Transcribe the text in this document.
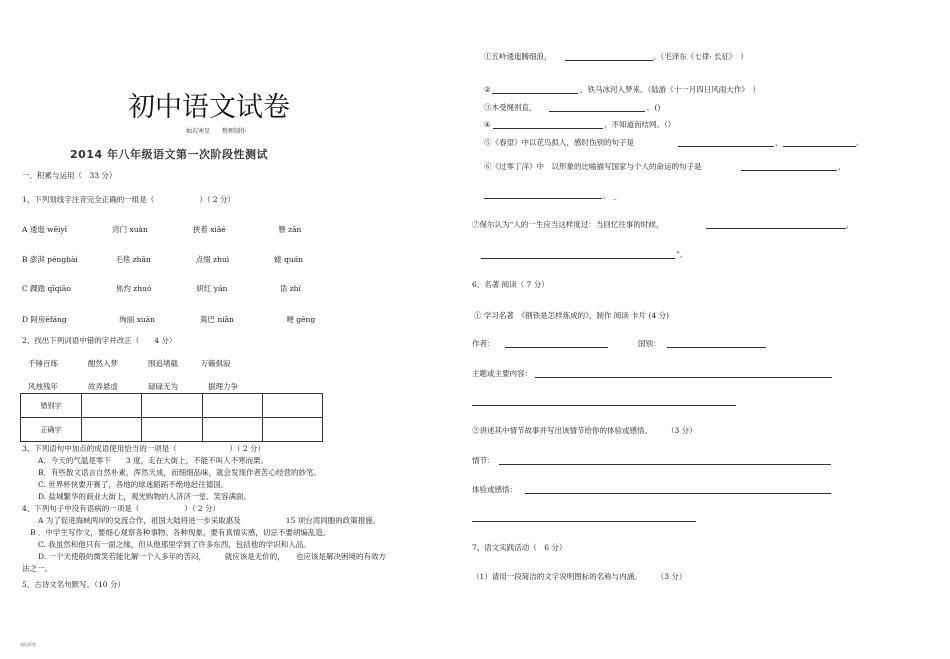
初中语文试卷
灿若寒星　　整理制作
2014 年八年级语文第一次阶段性测试
一、积累与运用（　33 分）
1、下列划线字注音完全正确的一组是（　　　　　　）（ 2 分）
A 逶迤 wēiyǐ　　　　　　窍门 xuàn　　　　　　挟着 xiǎé　　　　　　　簪 zān
B 澎湃 péngbài　　　　　毛毯 zhān　　　　　　点缀 zhuì　　　　　　蜷 quán
C 踝踏 qīqiāo　　　　　　焦灼 zhuó　　　　　　妍红 yán　　　　　　　诰 zhí
D 阿房ēfáng　　　　　　　绚丽 xuàn　　　　　　蔫巴 niān　　　　　　　哽 gēng
2、找出下列词语中错的字并改正（　　4 分）
千锤百练　　　　酣然入梦　　　　围追堵截　　　万籁俱寂
风烛残年　　　　故弄悬虚　　　　碌碌无为　　　　据理力争
错别字				
正确字				
3、下列语句中加点的成语使用恰当的一项是（　　　　　　　）（ 2 分）
A．今天的气温是零下　　3 度，走在大街上，不能不叫人不寒而栗。
B．有些散文语言自然朴素，浑然天成，而细细品味，就会发现作者苦心经营的妙笔。
C. 世界杯快要开赛了，各地的球迷蹈蹈不绝地赶往德国。
D. 盐城繁华的商业大街上，观光购物的人济济一堂、笑容满面。
4、下列句子中没有语病的一项是（　　　　　　）（ 2 分）
A 为了促进海峡两岸的交流合作，祖国大陆将进一步采取惠及　　　　　　15 项台湾同胞的政策措施。
B ．中学生写作文，要细心观察各种事物、各种现象，要有真情实感，切忌不要胡编乱造。
C. 我虽然和他只有一面之缘，但从他那里学到了许多东西，包括他的学识和人品。
D. 一个天使般的微笑若能化解一个人多年的苦闷，　　　就应该是无价的，　　也应该是解决困境的有效方
法之一。
5、古诗文名句默写。（10 分）
①五岭逶迤腾细浪，	。（毛泽东《七律· 长征》　）
②	，铁马冰河入梦来。（陆游《十一月四日风雨大作》　）
③木受绳则直，	。()
④	，不知道而结网。（）
⑤《春望》中以花鸟拟人，感时伤别的句子是	，	。
⑥《过零丁洋》中　以形象的比喻描写国家与个人的命运的句子是	，
。 _
⑦保尔认为“人的一生应当这样度过：当回忆往事的时候，	，
”。
6、名著 阅读（ 7 分）
① 学习名著　《钢铁是怎样炼成的》，制作 阅读 卡片 (4 分)
作者：	国别：
主题或主要内容：
②讲述其中情节故事并写出该情节给你的体验或感悟。　　　（3 分）
情节：
体验或感悟：
7、语文实践活动（　6 分）
（1）请用一段简洁的文字说明图标的名称与内涵。　　　（3 分）
知识改变
